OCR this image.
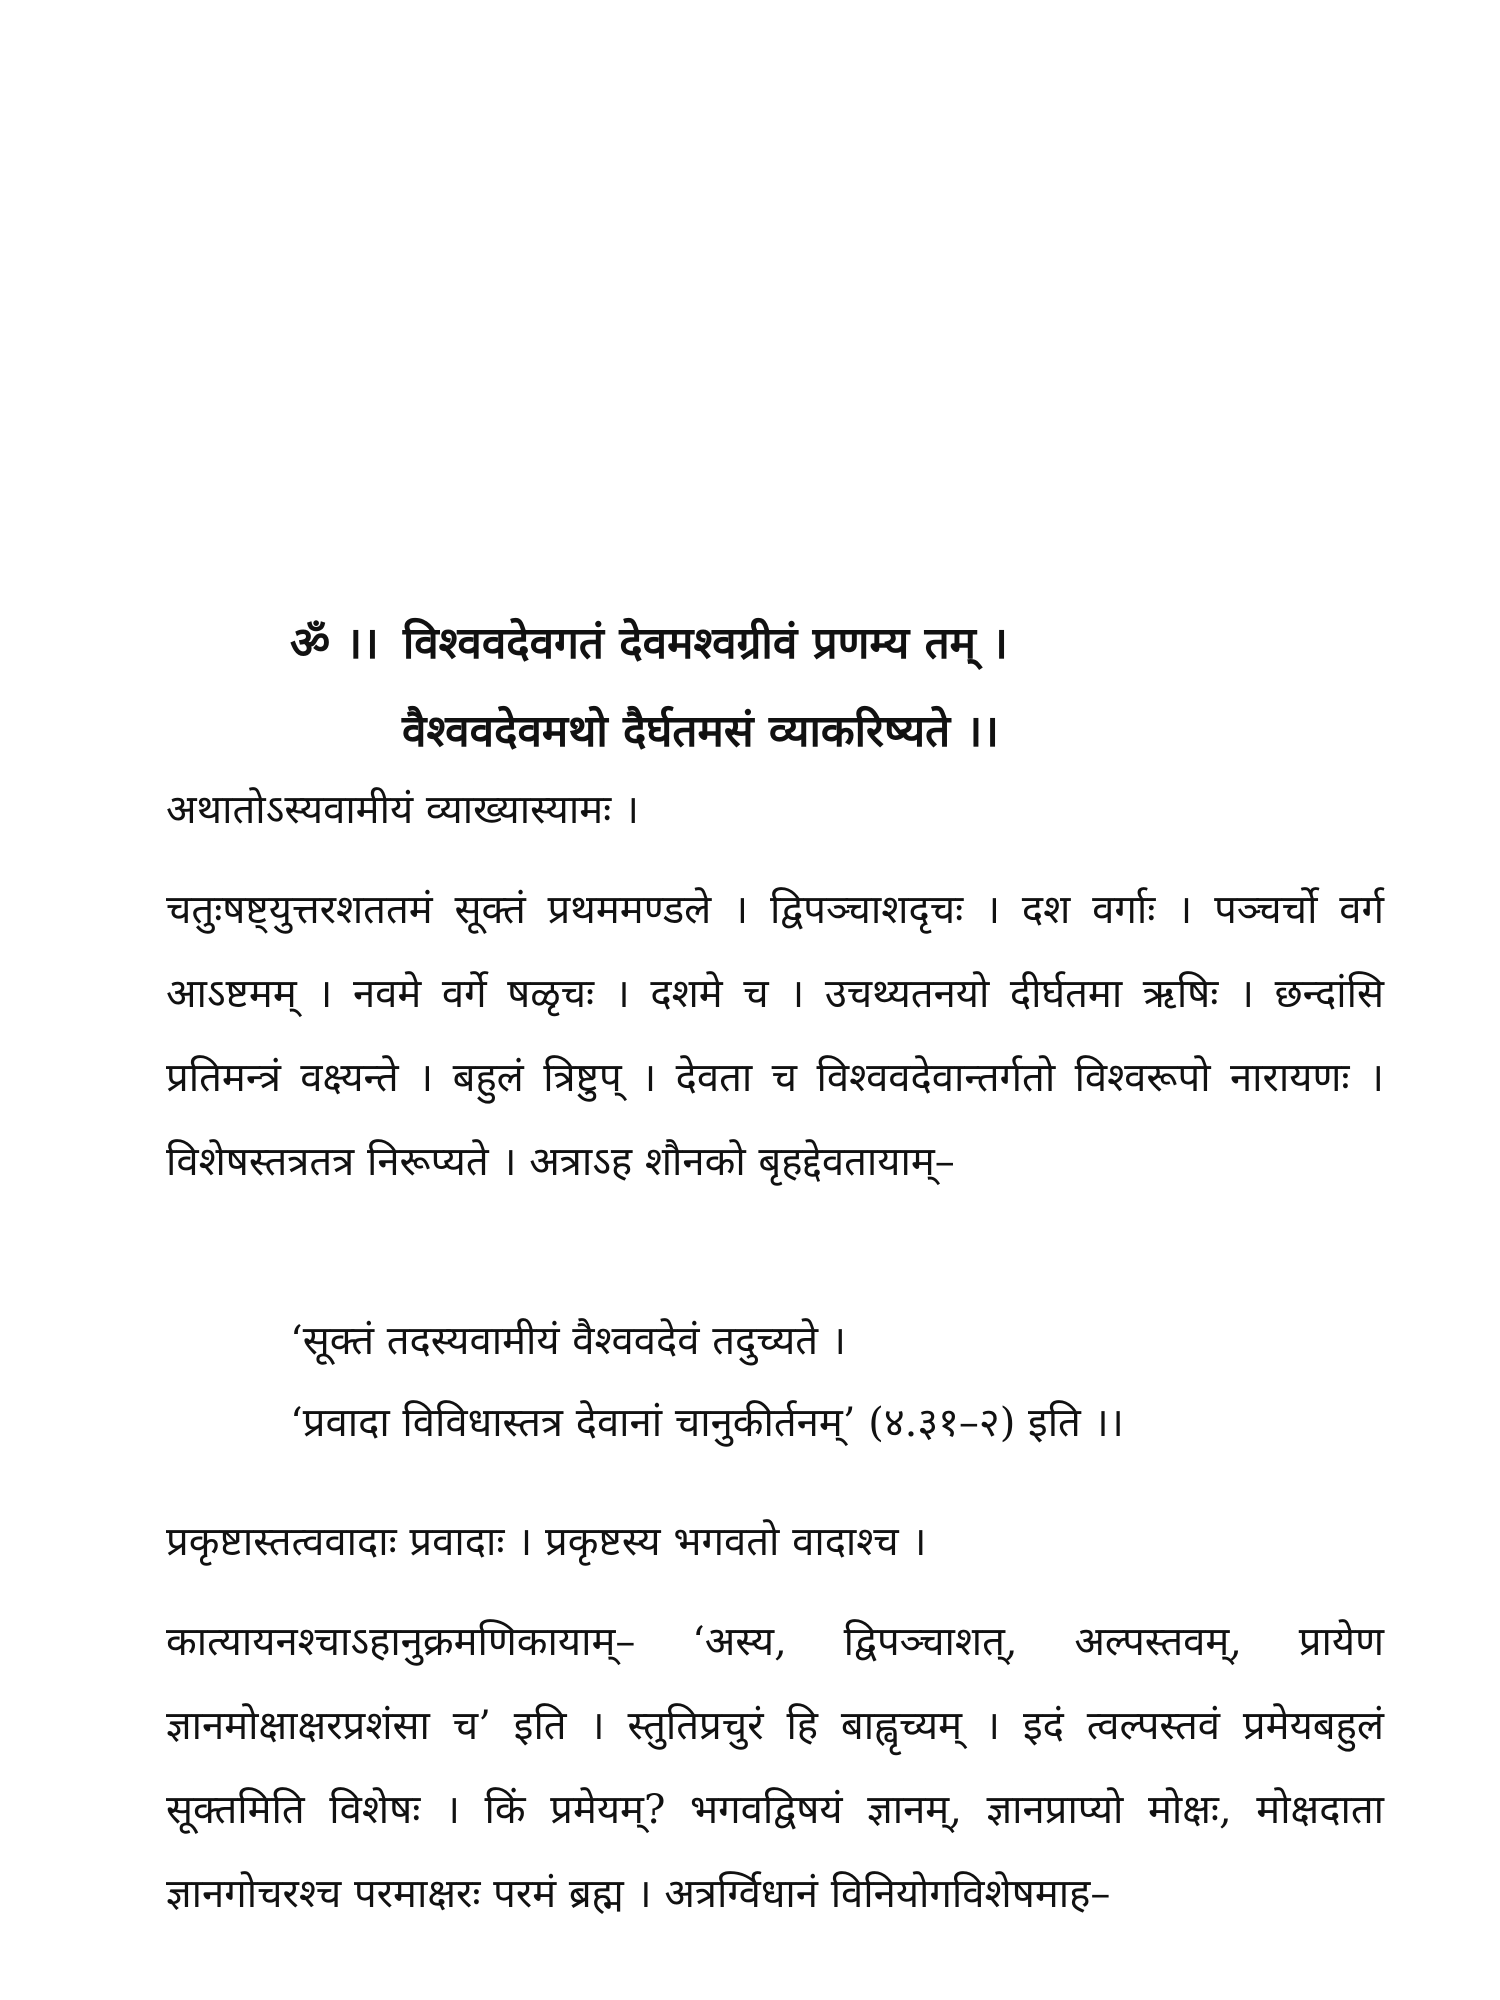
ॐ ।। विश्ववदेवगतं देवमश्वग्रीवं प्रणम्य तम् ।
वैश्ववदेवमथो दैर्घतमसं व्याकरिष्यते ।।
अथातोऽस्यवामीयं व्याख्यास्यामः ।
चतुःषष्ट्युत्तरशततमं सूक्तं प्रथममण्डले । द्विपञ्चाशदृचः । दश वर्गाः । पञ्चर्चो वर्ग आऽष्टमम् । नवमे वर्गे षळृचः । दशमे च । उचथ्यतनयो दीर्घतमा ऋषिः । छन्दांसि प्रतिमन्त्रं वक्ष्यन्ते । बहुलं त्रिष्टुप् । देवता च विश्ववदेवान्तर्गतो विश्वरूपो नारायणः । विशेषस्तत्रतत्र निरूप्यते । अत्राऽह शौनको बृहद्देवतायाम्–
‘सूक्तं तदस्यवामीयं वैश्ववदेवं तदुच्यते ।
‘प्रवादा विविधास्तत्र देवानां चानुकीर्तनम्’ (४.३१–२) इति ।।
प्रकृष्टास्तत्ववादाः प्रवादाः । प्रकृष्टस्य भगवतो वादाश्च ।
कात्यायनश्चाऽहानुक्रमणिकायाम्– ‘अस्य, द्विपञ्चाशत्, अल्पस्तवम्, प्रायेण ज्ञानमोक्षाक्षरप्रशंसा च’ इति । स्तुतिप्रचुरं हि बाह्वृच्यम् । इदं त्वल्पस्तवं प्रमेयबहुलं सूक्तमिति विशेषः । किं प्रमेयम्? भगवद्विषयं ज्ञानम्, ज्ञानप्राप्यो मोक्षः, मोक्षदाता ज्ञानगोचरश्च परमाक्षरः परमं ब्रह्म । अत्रर्ग्विधानं विनियोगविशेषमाह–
